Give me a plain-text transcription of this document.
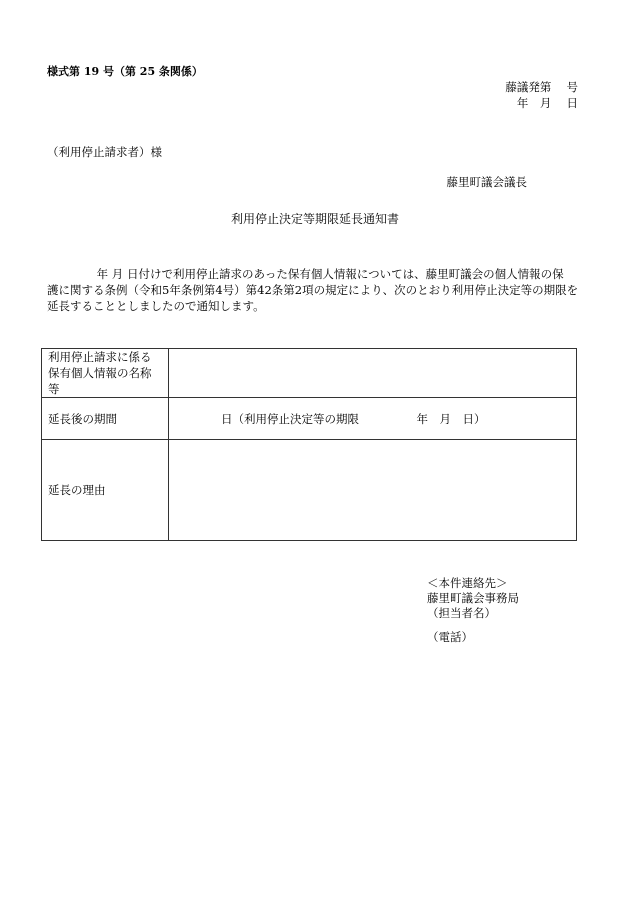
様式第 19 号（第 25 条関係）
藤議発第　 号
年　月　 日
（利用停止請求者）様
藤里町議会議長
利用停止決定等期限延長通知書

　　　　 年 月 日付けで利用停止請求のあった保有個人情報については、藤里町議会の個人情報の保

護に関する条例（令和5年条例第4号）第42条第2項の規定により、次のとおり利用停止決定等の期限を

延長することとしましたので通知します。

利用停止請求に係る保有個人情報の名称等	
延長後の期間	　　　　日（利用停止決定等の期限　　　　　年　月　日）
延長の理由	
＜本件連絡先＞
藤里町議会事務局
（担当者名）
（電話）
